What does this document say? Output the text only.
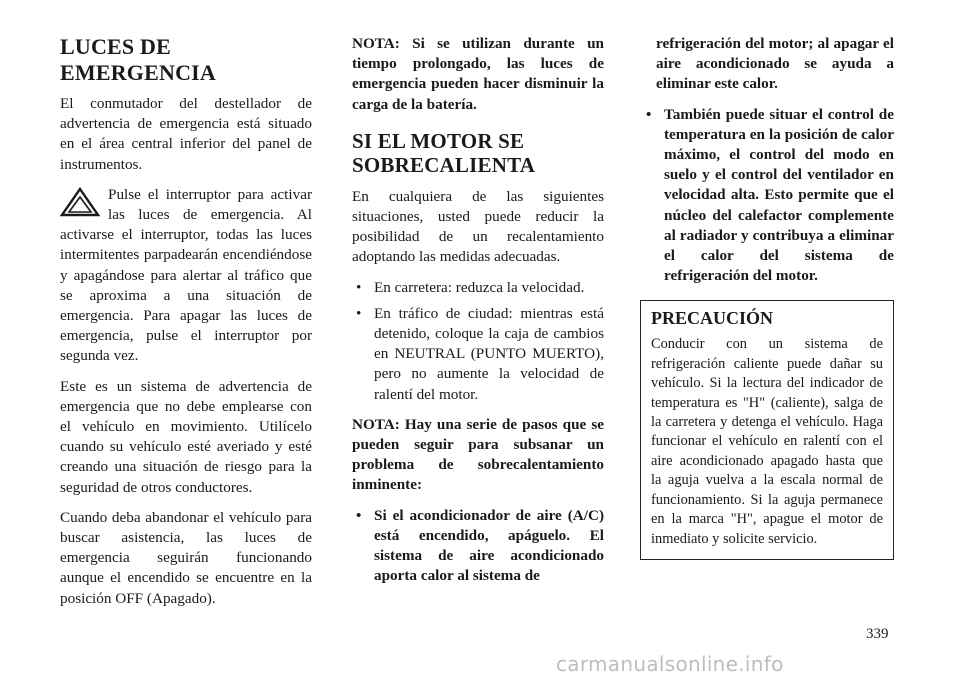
LUCES DE EMERGENCIA

El conmutador del destellador de advertencia de emergencia está situado en el área central inferior del panel de instrumentos.

Pulse el interruptor para activar las luces de emergencia. Al activarse el interruptor, todas las luces intermitentes parpadearán encendiéndose y apagándose para alertar al tráfico que se aproxima a una situación de emergencia. Para apagar las luces de emergencia, pulse el interruptor por segunda vez.

Este es un sistema de advertencia de emergencia que no debe emplearse con el vehículo en movimiento. Utilícelo cuando su vehículo esté averiado y esté creando una situación de riesgo para la seguridad de otros conductores.

Cuando deba abandonar el vehículo para buscar asistencia, las luces de emergencia seguirán funcionando aunque el encendido se encuentre en la posición OFF (Apagado).

NOTA: Si se utilizan durante un tiempo prolongado, las luces de emergencia pueden hacer disminuir la carga de la batería.

SI EL MOTOR SE SOBRECALIENTA

En cualquiera de las siguientes situaciones, usted puede reducir la posibilidad de un recalentamiento adoptando las medidas adecuadas.

• En carretera: reduzca la velocidad.
• En tráfico de ciudad: mientras está detenido, coloque la caja de cambios en NEUTRAL (PUNTO MUERTO), pero no aumente la velocidad de ralentí del motor.

NOTA: Hay una serie de pasos que se pueden seguir para subsanar un problema de sobrecalentamiento inminente:

• Si el acondicionador de aire (A/C) está encendido, apáguelo. El sistema de aire acondicionado aporta calor al sistema de

refrigeración del motor; al apagar el aire acondicionado se ayuda a eliminar este calor.

• También puede situar el control de temperatura en la posición de calor máximo, el control del modo en suelo y el control del ventilador en velocidad alta. Esto permite que el núcleo del calefactor complemente al radiador y contribuya a eliminar el calor del sistema de refrigeración del motor.
PRECAUCIÓN

Conducir con un sistema de refrigeración caliente puede dañar su vehículo. Si la lectura del indicador de temperatura es "H" (caliente), salga de la carretera y detenga el vehículo. Haga funcionar el vehículo en ralentí con el aire acondicionado apagado hasta que la aguja vuelva a la escala normal de funcionamiento. Si la aguja permanece en la marca "H", apague el motor de inmediato y solicite servicio.

339
carmanualsonline.info
